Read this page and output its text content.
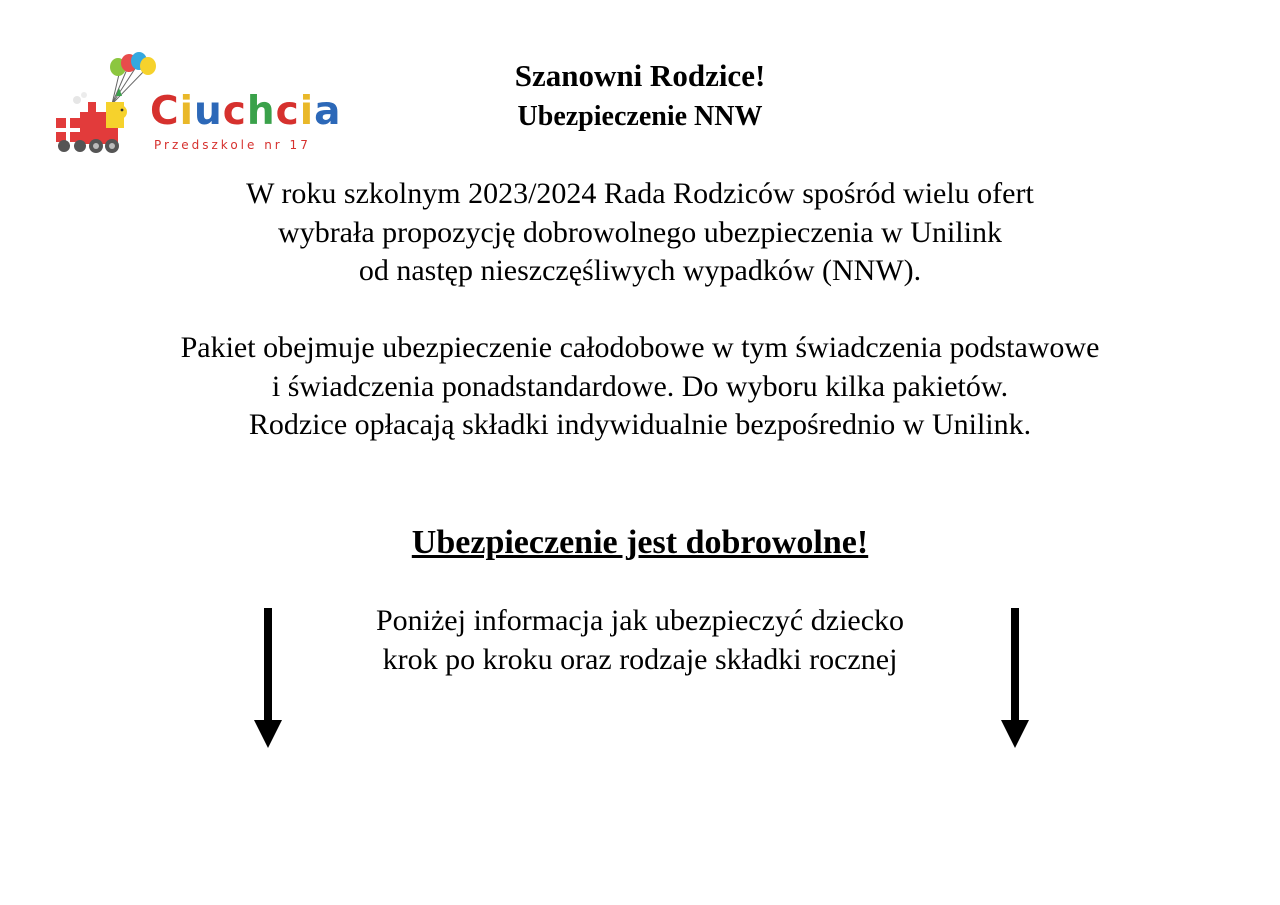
Ciuchcia
Przedszkole nr 17
Szanowni Rodzice!
Ubezpieczenie NNW
W roku szkolnym 2023/2024 Rada Rodziców spośród wielu ofert
wybrała propozycję dobrowolnego ubezpieczenia w Unilink
od następ nieszczęśliwych wypadków (NNW).
Pakiet obejmuje ubezpieczenie całodobowe w tym świadczenia podstawowe
i świadczenia ponadstandardowe. Do wyboru kilka pakietów.
Rodzice opłacają składki indywidualnie bezpośrednio w Unilink.
Ubezpieczenie jest dobrowolne!
Poniżej informacja jak ubezpieczyć dziecko
krok po kroku oraz rodzaje składki rocznej
